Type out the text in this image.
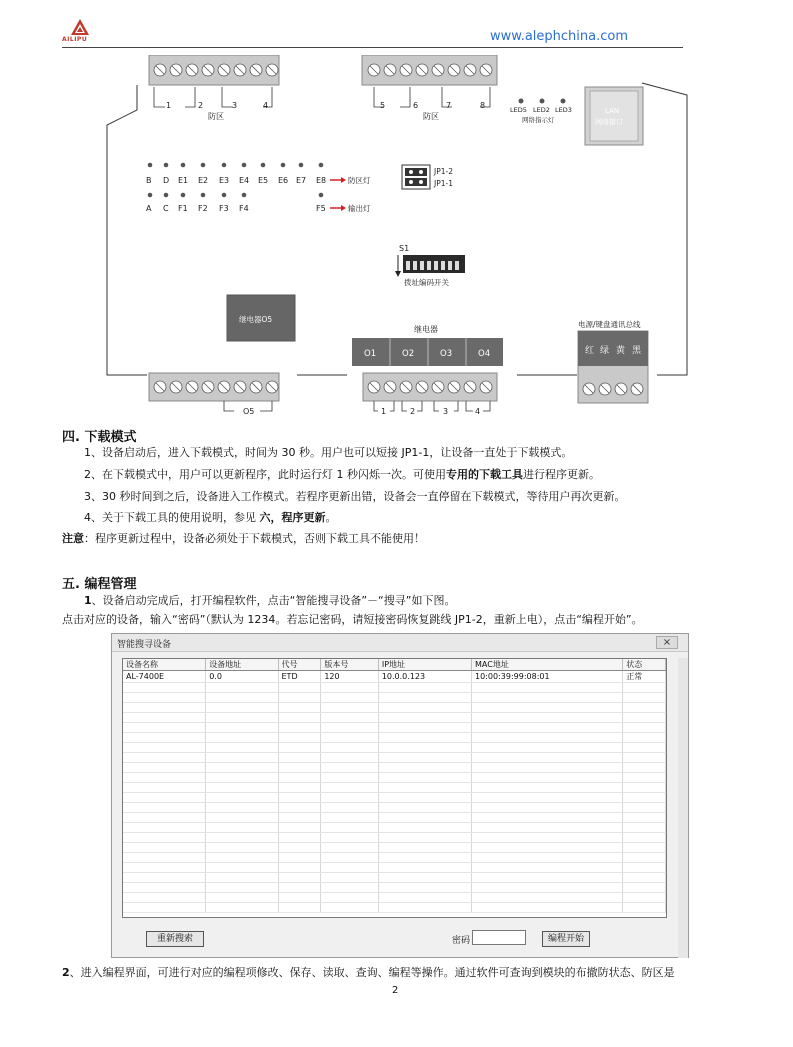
AILIPU	www.alephchina.com
1	2	3	4
防区
5	6	7	8
防区
LED5 LED2 LED3
网络指示灯
LAN
网络接口
B D E1 E2 E3 E4 E5 E6 E7 E8
A C F1 F2 F3 F4	F5
防区灯
输出灯
JP1-2
JP1-1
S1
拨址编码开关
继电器O5
继电器
O1	O2	O3	O4
电源/键盘通讯总线
红 绿 黄 黑
O5	1	2	3	4
四. 下载模式
1、设备启动后，进入下载模式，时间为 30 秒。用户也可以短接 JP1-1，让设备一直处于下载模式。
2、在下载模式中，用户可以更新程序，此时运行灯 1 秒闪烁一次。可使用专用的下载工具进行程序更新。
3、30 秒时间到之后，设备进入工作模式。若程序更新出错，设备会一直停留在下载模式，等待用户再次更新。
4、关于下载工具的使用说明，参见 六，程序更新。
注意：程序更新过程中，设备必须处于下载模式，否则下载工具不能使用！
五. 编程管理
1、设备启动完成后，打开编程软件，点击“智能搜寻设备”－“搜寻”如下图。
点击对应的设备，输入“密码”（默认为 1234。若忘记密码，请短接密码恢复跳线 JP1-2，重新上电），点击“编程开始”。
智能搜寻设备	×
设备名称	设备地址	代号	版本号	IP地址	MAC地址	状态
AL-7400E	0.0	ETD	120	10.0.0.123	10:00:39:99:08:01	正常

重新搜索	密码	编程开始
2、进入编程界面，可进行对应的编程项修改、保存、读取、查询、编程等操作。通过软件可查询到模块的布撤防状态、防区是
2
